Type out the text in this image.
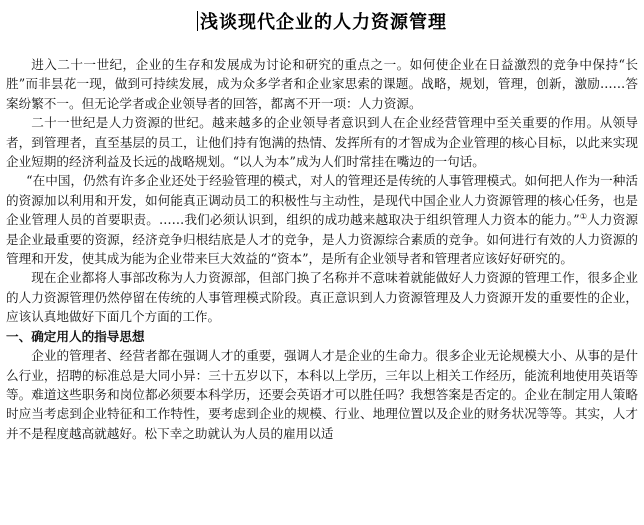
浅谈现代企业的人力资源管理

进入二十一世纪，企业的生存和发展成为讨论和研究的重点之一。如何使企业在日益激烈的竞争中保持“长胜”而非昙花一现，做到可持续发展，成为众多学者和企业家思索的课题。战略，规划，管理，创新，激励……答案纷繁不一。但无论学者或企业领导者的回答，都离不开一项：人力资源。

二十一世纪是人力资源的世纪。越来越多的企业领导者意识到人在企业经营管理中至关重要的作用。从领导者，到管理者，直至基层的员工，让他们持有饱满的热情、发挥所有的才智成为企业管理的核心目标，以此来实现企业短期的经济利益及长远的战略规划。“以人为本”成为人们时常挂在嘴边的一句话。

“在中国，仍然有许多企业还处于经验管理的模式，对人的管理还是传统的人事管理模式。如何把人作为一种活的资源加以利用和开发，如何能真正调动员工的积极性与主动性，是现代中国企业人力资源管理的核心任务，也是企业管理人员的首要职责。……我们必须认识到，组织的成功越来越取决于组织管理人力资本的能力。”①人力资源是企业最重要的资源，经济竞争归根结底是人才的竞争，是人力资源综合素质的竞争。如何进行有效的人力资源的管理和开发，使其成为能为企业带来巨大效益的“资本”，是所有企业领导者和管理者应该好好研究的。

现在企业都将人事部改称为人力资源部，但部门换了名称并不意味着就能做好人力资源的管理工作，很多企业的人力资源管理仍然停留在传统的人事管理模式阶段。真正意识到人力资源管理及人力资源开发的重要性的企业，应该认真地做好下面几个方面的工作。

一、确定用人的指导思想

企业的管理者、经营者都在强调人才的重要，强调人才是企业的生命力。很多企业无论规模大小、从事的是什么行业，招聘的标准总是大同小异：三十五岁以下，本科以上学历，三年以上相关工作经历，能流利地使用英语等等。难道这些职务和岗位都必须要本科学历，还要会英语才可以胜任吗？我想答案是否定的。企业在制定用人策略时应当考虑到企业特征和工作特性，要考虑到企业的规模、行业、地理位置以及企业的财务状况等等。其实，人才并不是程度越高就越好。松下幸之助就认为人员的雇用以适
